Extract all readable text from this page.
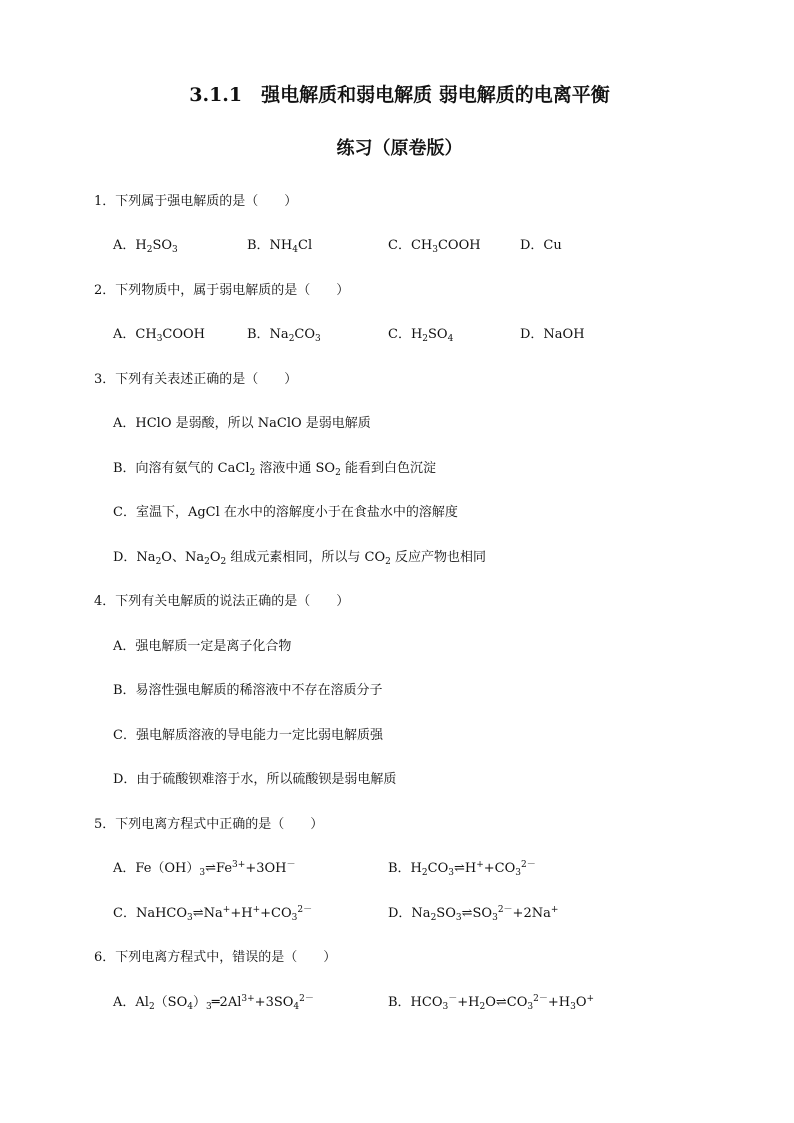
3.1.1　强电解质和弱电解质 弱电解质的电离平衡
练习（原卷版）
1．下列属于强电解质的是（　　）
A．$H_2SO_3$	B．$NH_4Cl$	C．$CH_3COOH$	D．Cu
2．下列物质中，属于弱电解质的是（　　）
A．$CH_3COOH$	B．$Na_2CO_3$	C．$H_2SO_4$	D．NaOH
3．下列有关表述正确的是（　　）
A．HClO 是弱酸，所以 NaClO 是弱电解质
B．向溶有氨气的 CaCl$_2$ 溶液中通 $SO_2$ 能看到白色沉淀
C．室温下，AgCl 在水中的溶解度小于在食盐水中的溶解度
D．$Na_2O$、$Na_2O_2$ 组成元素相同，所以与 $CO_2$ 反应产物也相同
4．下列有关电解质的说法正确的是（　　）
A．强电解质一定是离子化合物
B．易溶性强电解质的稀溶液中不存在溶质分子
C．强电解质溶液的导电能力一定比弱电解质强
D．由于硫酸钡难溶于水，所以硫酸钡是弱电解质
5．下列电离方程式中正确的是（　　）
A．$Fe(OH)_3\rightleftharpoons Fe^{3+}+3OH^-$	B．$H_2CO_3\rightleftharpoons H^++CO_3^{2-}$
C．$NaHCO_3\rightleftharpoons Na^++H^++CO_3^{2-}$	D．$Na_2SO_3\rightleftharpoons SO_3^{2-}+2Na^+$
6．下列电离方程式中，错误的是（　　）
A．$Al_2(SO_4)_3═2Al^{3+}+3SO_4^{2-}$	B．$HCO_3^-+H_2O\rightleftharpoons CO_3^{2-}+H_3O^+$
